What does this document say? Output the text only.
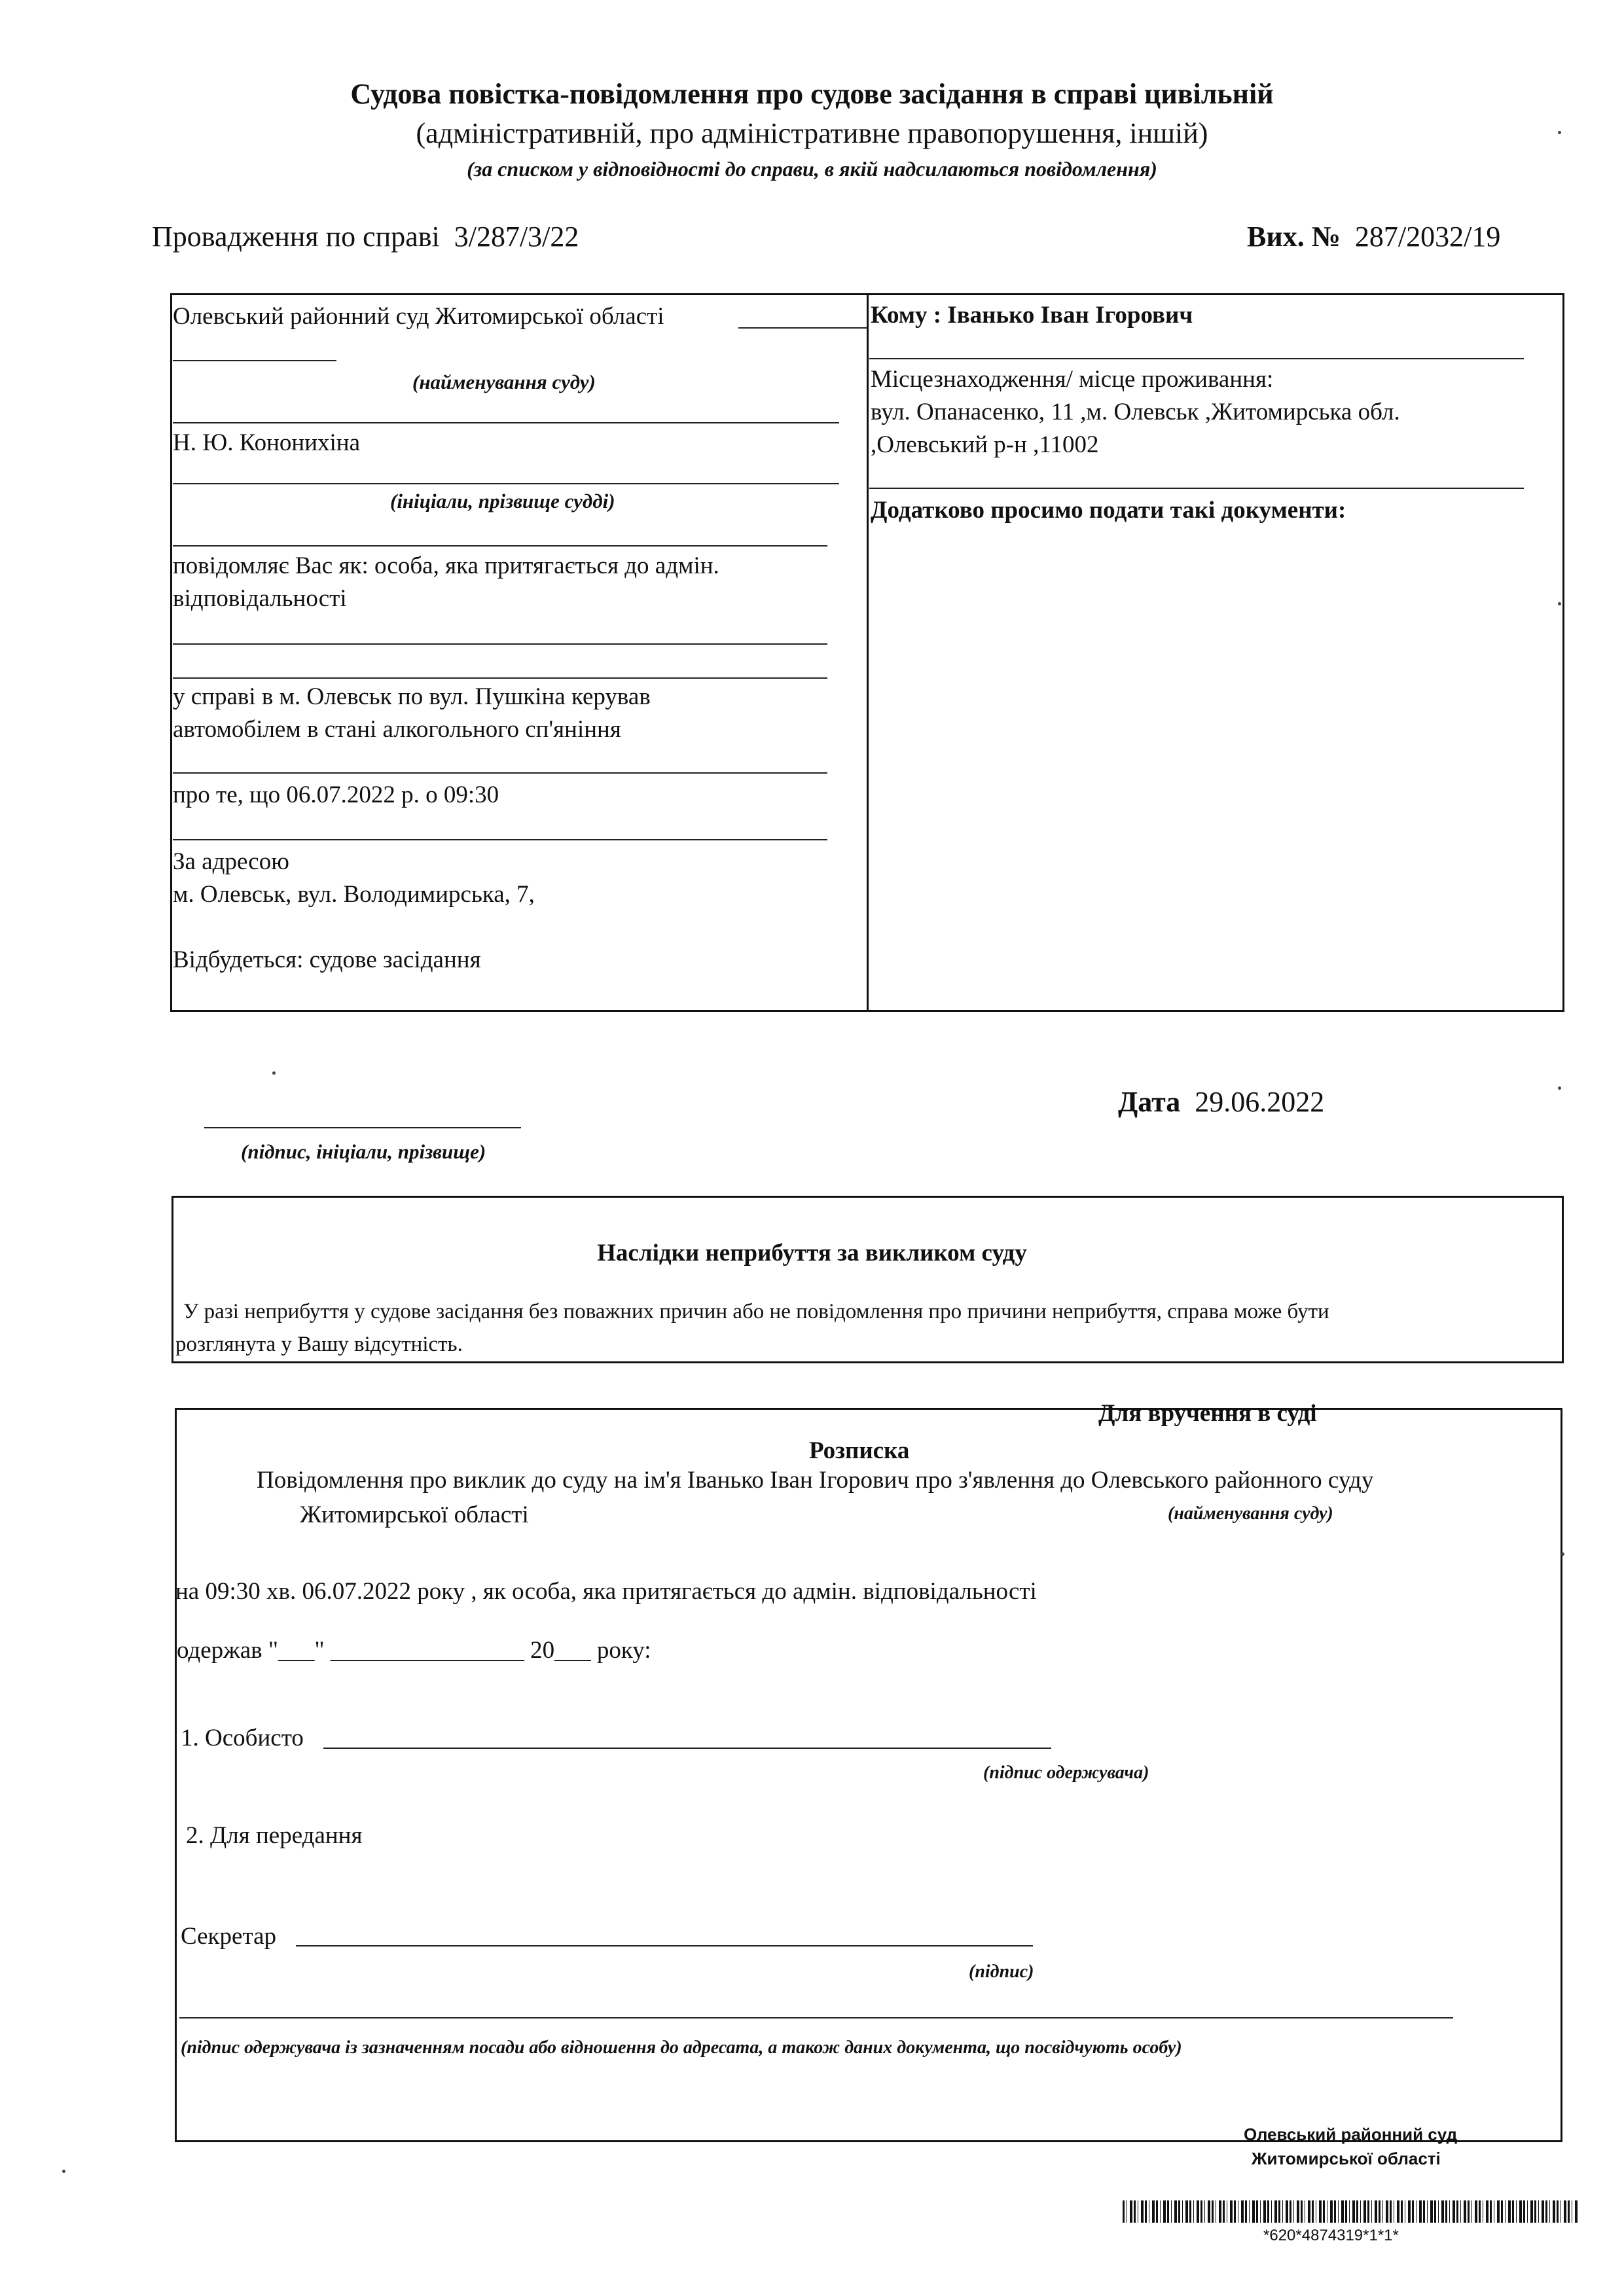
Судова повістка-повідомлення про судове засідання в справі цивільній
(адміністративній, про адміністративне правопорушення, іншій)
(за списком у відповідності до справи, в якій надсилаються повідомлення)
Провадження по справі 3/287/3/22	Вих. № 287/2032/19
Олевський районний суд Житомирської області
(найменування суду)
Н. Ю. Кононихіна
(ініціали, прізвище судді)
повідомляє Вас як: особа, яка притягається до адмін.
відповідальності
у справі в м. Олевськ по вул. Пушкіна керував
автомобілем в стані алкогольного сп'яніння
про те, що 06.07.2022 р. о 09:30
За адресою
м. Олевськ, вул. Володимирська, 7,
Відбудеться: судове засідання
Кому : Іванько Іван Ігорович
Місцезнаходження/ місце проживання:
вул. Опанасенко, 11 ,м. Олевськ ,Житомирська обл.
,Олевський р-н ,11002
Додатково просимо подати такі документи:
(підпис, ініціали, прізвище)
Дата 29.06.2022
Наслідки неприбуття за викликом суду
У разі неприбуття у судове засідання без поважних причин або не повідомлення про причини неприбуття, справа може бути
розглянута у Вашу відсутність.
Для вручення в суді
Розписка
Повідомлення про виклик до суду на ім'я Іванько Іван Ігорович про з'явлення до Олевського районного суду
Житомирської області	(найменування суду)
на 09:30 хв. 06.07.2022 року , як особа, яка притягається до адмін. відповідальності
одержав "___" ________________ 20___ року:
1. Особисто
(підпис одержувача)
2. Для передання
Секретар
(підпис)
(підпис одержувача із зазначенням посади або відношення до адресата, а також даних документа, що посвідчують особу)
Олевський районний суд
Житомирської області
*620*4874319*1*1*
